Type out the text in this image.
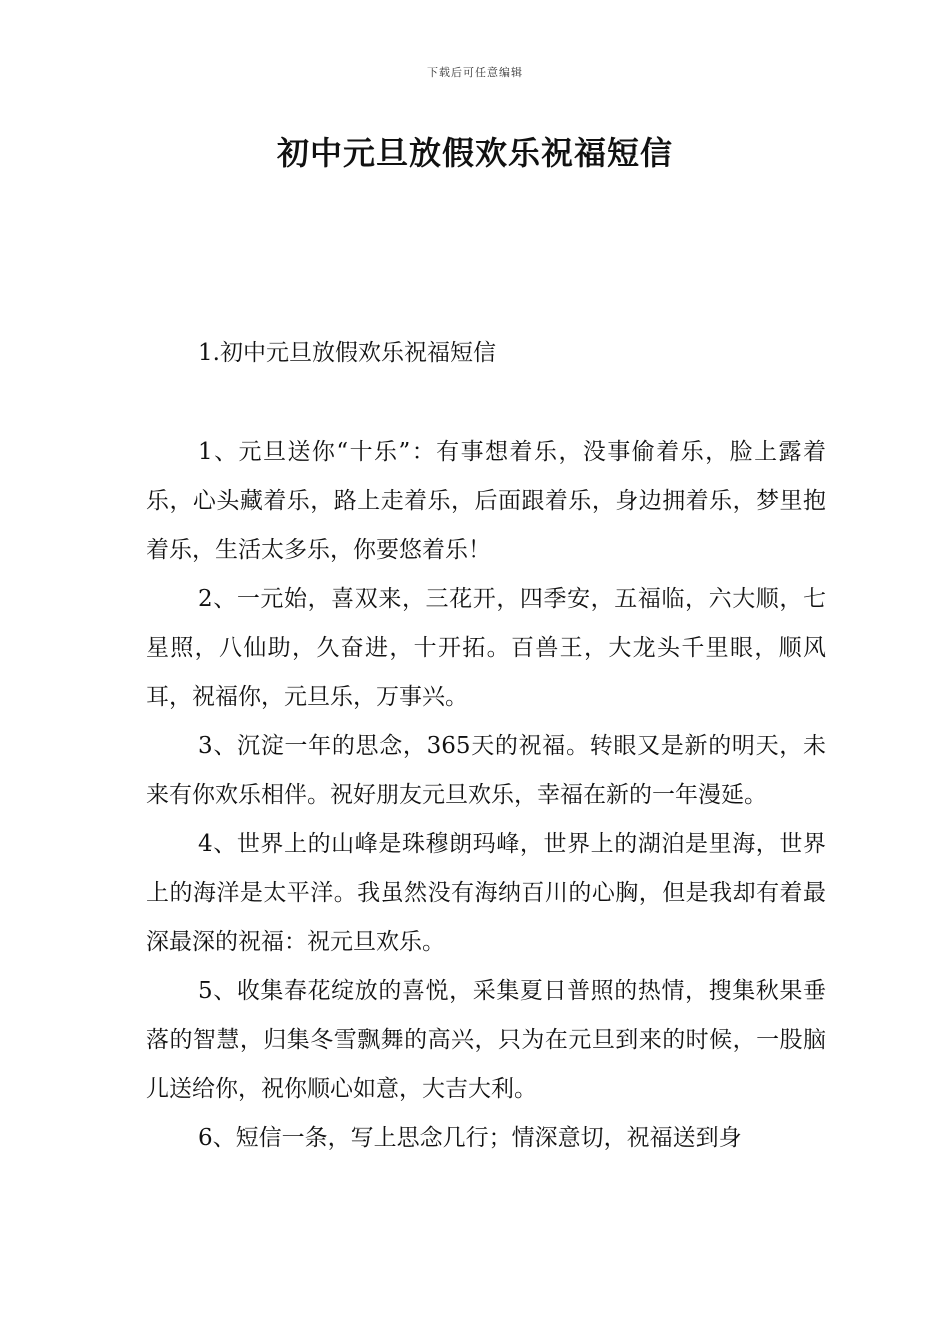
下载后可任意编辑
初中元旦放假欢乐祝福短信
1.初中元旦放假欢乐祝福短信

1、元旦送你“十乐”：有事想着乐，没事偷着乐，脸上露着乐，心头藏着乐，路上走着乐，后面跟着乐，身边拥着乐，梦里抱着乐，生活太多乐，你要悠着乐！

2、一元始，喜双来，三花开，四季安，五福临，六大顺，七星照，八仙助，久奋进，十开拓。百兽王，大龙头千里眼，顺风耳，祝福你，元旦乐，万事兴。

3、沉淀一年的思念，365天的祝福。转眼又是新的明天，未来有你欢乐相伴。祝好朋友元旦欢乐，幸福在新的一年漫延。

4、世界上的山峰是珠穆朗玛峰，世界上的湖泊是里海，世界上的海洋是太平洋。我虽然没有海纳百川的心胸，但是我却有着最深最深的祝福：祝元旦欢乐。

5、收集春花绽放的喜悦，采集夏日普照的热情，搜集秋果垂落的智慧，归集冬雪飘舞的高兴，只为在元旦到来的时候，一股脑儿送给你，祝你顺心如意，大吉大利。

6、短信一条，写上思念几行；情深意切，祝福送到身
